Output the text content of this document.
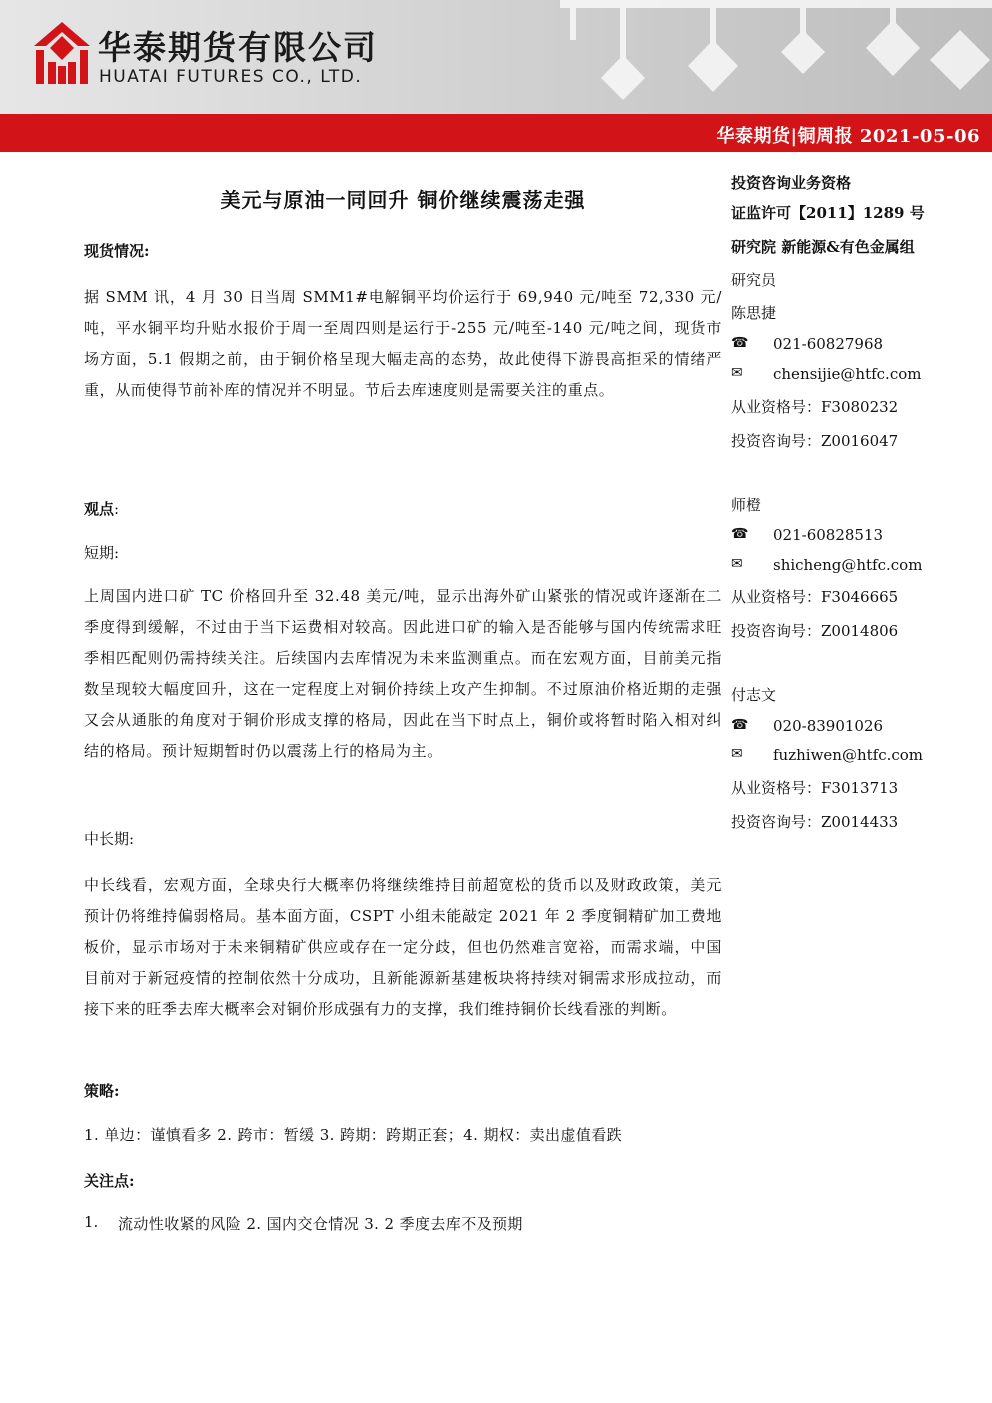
华泰期货有限公司
HUATAI FUTURES CO., LTD.
华泰期货|铜周报 2021-05-06
美元与原油一同回升 铜价继续震荡走强
现货情况:
据 SMM 讯，4 月 30 日当周 SMM1#电解铜平均价运行于 69,940 元/吨至 72,330 元/吨，平水铜平均升贴水报价于周一至周四则是运行于-255 元/吨至-140 元/吨之间，现货市场方面，5.1 假期之前，由于铜价格呈现大幅走高的态势，故此使得下游畏高拒采的情绪严重，从而使得节前补库的情况并不明显。节后去库速度则是需要关注的重点。
观点:
短期:
上周国内进口矿 TC 价格回升至 32.48 美元/吨，显示出海外矿山紧张的情况或许逐渐在二季度得到缓解，不过由于当下运费相对较高。因此进口矿的输入是否能够与国内传统需求旺季相匹配则仍需持续关注。后续国内去库情况为未来监测重点。而在宏观方面，目前美元指数呈现较大幅度回升，这在一定程度上对铜价持续上攻产生抑制。不过原油价格近期的走强又会从通胀的角度对于铜价形成支撑的格局，因此在当下时点上，铜价或将暂时陷入相对纠结的格局。预计短期暂时仍以震荡上行的格局为主。
中长期:
中长线看，宏观方面，全球央行大概率仍将继续维持目前超宽松的货币以及财政政策，美元预计仍将维持偏弱格局。基本面方面，CSPT 小组未能敲定 2021 年 2 季度铜精矿加工费地板价，显示市场对于未来铜精矿供应或存在一定分歧，但也仍然难言宽裕，而需求端，中国目前对于新冠疫情的控制依然十分成功，且新能源新基建板块将持续对铜需求形成拉动，而接下来的旺季去库大概率会对铜价形成强有力的支撑，我们维持铜价长线看涨的判断。
策略:
1. 单边：谨慎看多 2. 跨市：暂缓 3. 跨期：跨期正套；4. 期权：卖出虚值看跌
关注点:
1. 流动性收紧的风险 2. 国内交仓情况 3. 2 季度去库不及预期
投资咨询业务资格
证监许可【2011】1289 号
研究院 新能源&有色金属组
研究员
陈思捷
☎ 021-60827968
✉	chensijie@htfc.com
从业资格号：F3080232
投资咨询号：Z0016047
师橙
☎ 021-60828513
✉	shicheng@htfc.com
从业资格号：F3046665
投资咨询号：Z0014806
付志文
☎ 020-83901026
✉	fuzhiwen@htfc.com
从业资格号：F3013713
投资咨询号：Z0014433
